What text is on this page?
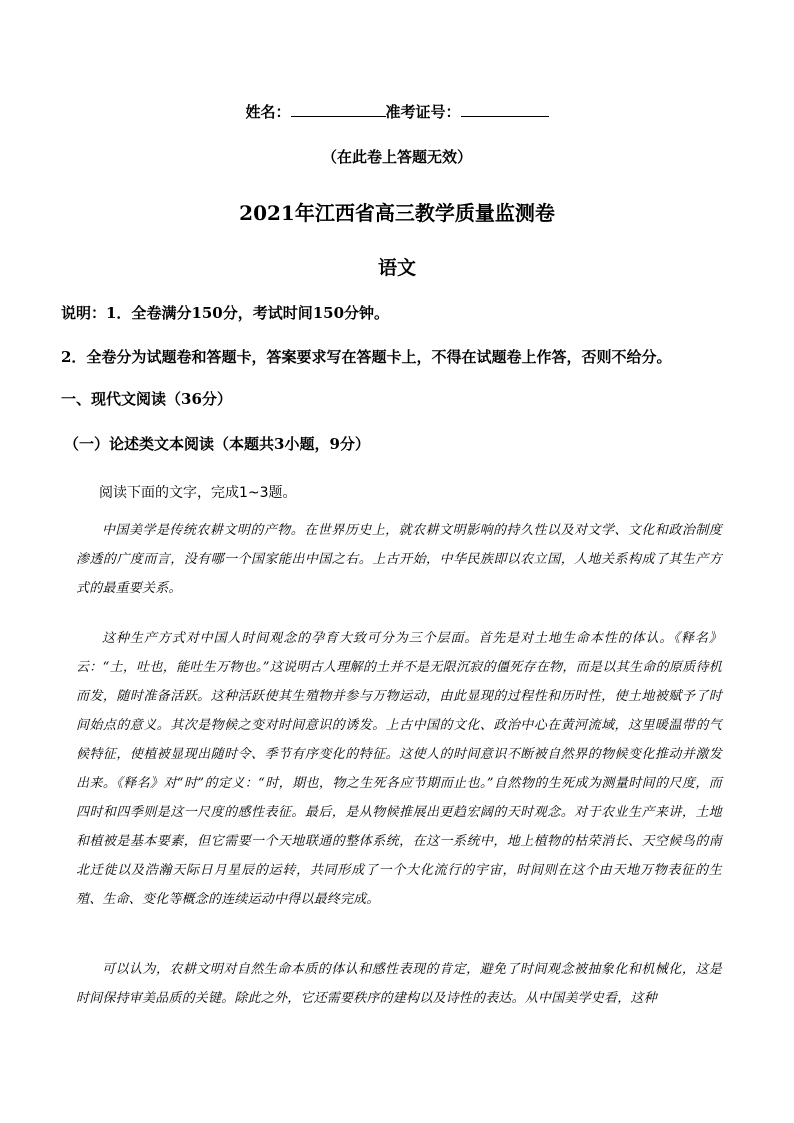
姓名：	准考证号：
（在此卷上答题无效）
2021年江西省高三教学质量监测卷
语文
说明：1．全卷满分150分，考试时间150分钟。
2．全卷分为试题卷和答题卡，答案要求写在答题卡上，不得在试题卷上作答，否则不给分。
一、现代文阅读（36分）
（一）论述类文本阅读（本题共3小题，9分）
阅读下面的文字，完成1~3题。
中国美学是传统农耕文明的产物。在世界历史上，就农耕文明影响的持久性以及对文学、文化和政治制度渗透的广度而言，没有哪一个国家能出中国之右。上古开始，中华民族即以农立国，人地关系构成了其生产方式的最重要关系。
这种生产方式对中国人时间观念的孕育大致可分为三个层面。首先是对土地生命本性的体认。《释名》云：“土，吐也，能吐生万物也。”这说明古人理解的土并不是无限沉寂的僵死存在物，而是以其生命的原质待机而发，随时准备活跃。这种活跃使其生殖物并参与万物运动，由此显现的过程性和历时性，使土地被赋予了时间始点的意义。其次是物候之变对时间意识的诱发。上古中国的文化、政治中心在黄河流域，这里暖温带的气候特征，使植被显现出随时令、季节有序变化的特征。这使人的时间意识不断被自然界的物候变化推动并激发出来。《释名》对“时”的定义：“时，期也，物之生死各应节期而止也。”自然物的生死成为测量时间的尺度，而四时和四季则是这一尺度的感性表征。最后，是从物候推展出更趋宏阔的天时观念。对于农业生产来讲，土地和植被是基本要素，但它需要一个天地联通的整体系统，在这一系统中，地上植物的枯荣消长、天空候鸟的南北迁徙以及浩瀚天际日月星辰的运转，共同形成了一个大化流行的宇宙，时间则在这个由天地万物表征的生殖、生命、变化等概念的连续运动中得以最终完成。
可以认为，农耕文明对自然生命本质的体认和感性表现的肯定，避免了时间观念被抽象化和机械化，这是时间保持审美品质的关键。除此之外，它还需要秩序的建构以及诗性的表达。从中国美学史看，这种
